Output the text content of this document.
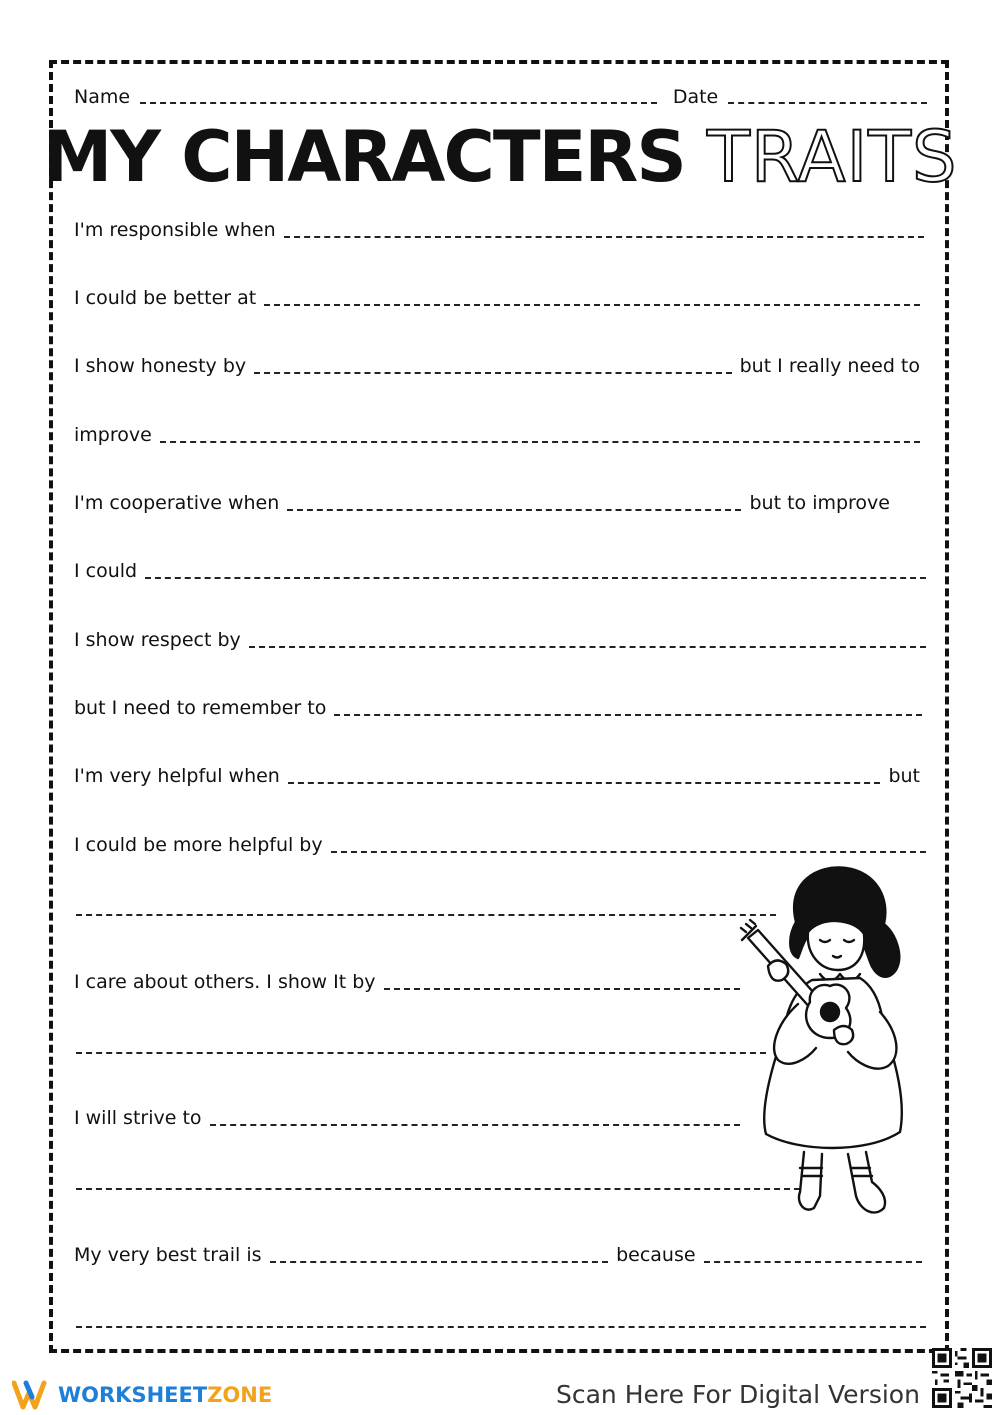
Name	Date
MY CHARACTERS TRAITS
I'm responsible when
I could be better at
I show honesty by	but I really need to
improve
I'm cooperative when	but to improve
I could
I show respect by
but I need to remember to
I'm very helpful when	but
I could be more helpful by
I care about others. I show It by
I will strive to
My very best trail is	because
WORKSHEET ZONE	Scan Here For Digital Version
